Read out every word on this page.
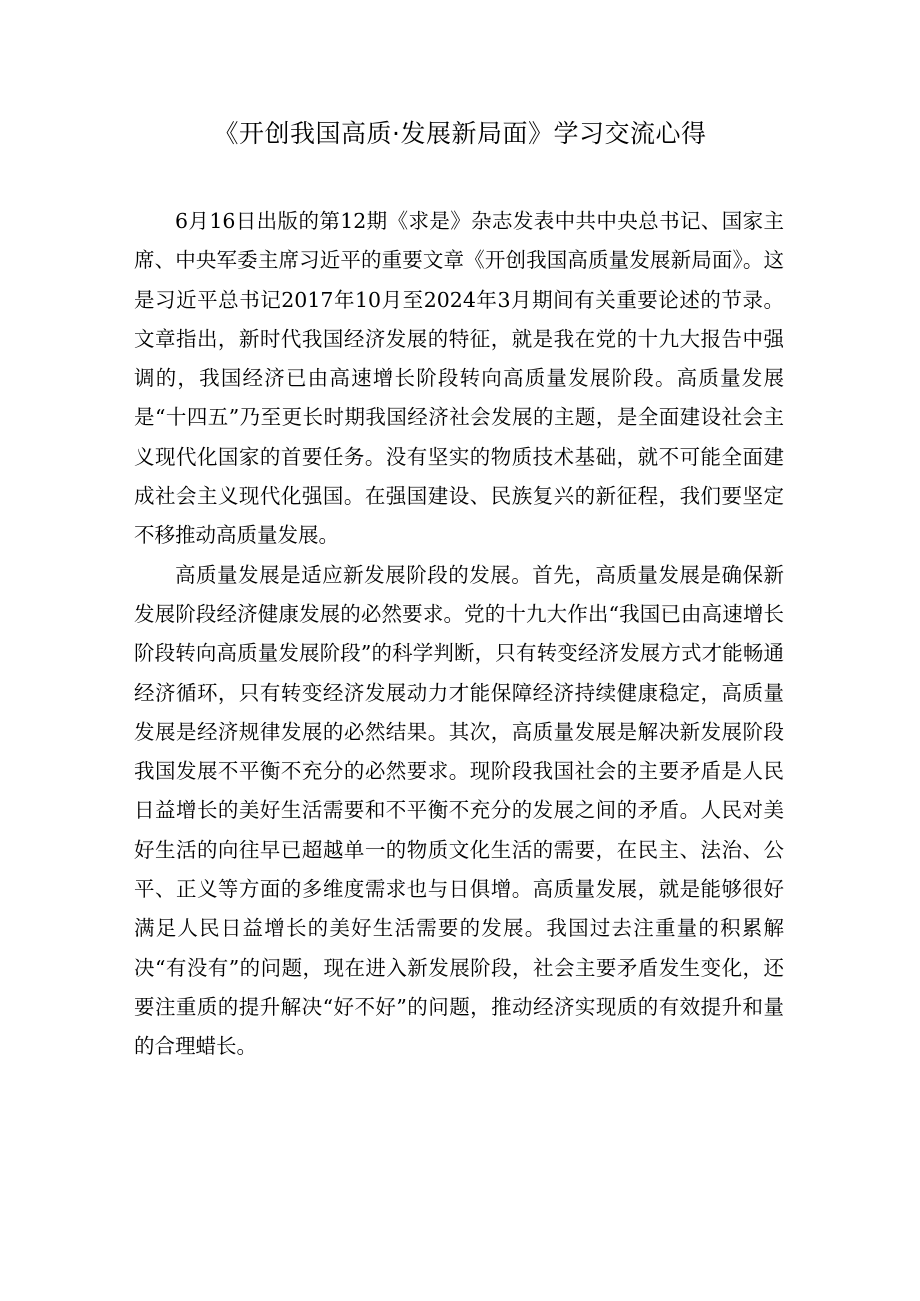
《开创我国高质·发展新局面》学习交流心得

6月16日出版的第12期《求是》杂志发表中共中央总书记、国家主席、中央军委主席习近平的重要文章《开创我国高质量发展新局面》。这是习近平总书记2017年10月至2024年3月期间有关重要论述的节录。文章指出，新时代我国经济发展的特征，就是我在党的十九大报告中强调的，我国经济已由高速增长阶段转向高质量发展阶段。高质量发展是“十四五”乃至更长时期我国经济社会发展的主题，是全面建设社会主义现代化国家的首要任务。没有坚实的物质技术基础，就不可能全面建成社会主义现代化强国。在强国建设、民族复兴的新征程，我们要坚定不移推动高质量发展。

高质量发展是适应新发展阶段的发展。首先，高质量发展是确保新发展阶段经济健康发展的必然要求。党的十九大作出“我国已由高速增长阶段转向高质量发展阶段”的科学判断，只有转变经济发展方式才能畅通经济循环，只有转变经济发展动力才能保障经济持续健康稳定，高质量发展是经济规律发展的必然结果。其次，高质量发展是解决新发展阶段我国发展不平衡不充分的必然要求。现阶段我国社会的主要矛盾是人民日益增长的美好生活需要和不平衡不充分的发展之间的矛盾。人民对美好生活的向往早已超越单一的物质文化生活的需要，在民主、法治、公平、正义等方面的多维度需求也与日俱增。高质量发展，就是能够很好满足人民日益增长的美好生活需要的发展。我国过去注重量的积累解决“有没有”的问题，现在进入新发展阶段，社会主要矛盾发生变化，还要注重质的提升解决“好不好”的问题，推动经济实现质的有效提升和量的合理蜡长。
